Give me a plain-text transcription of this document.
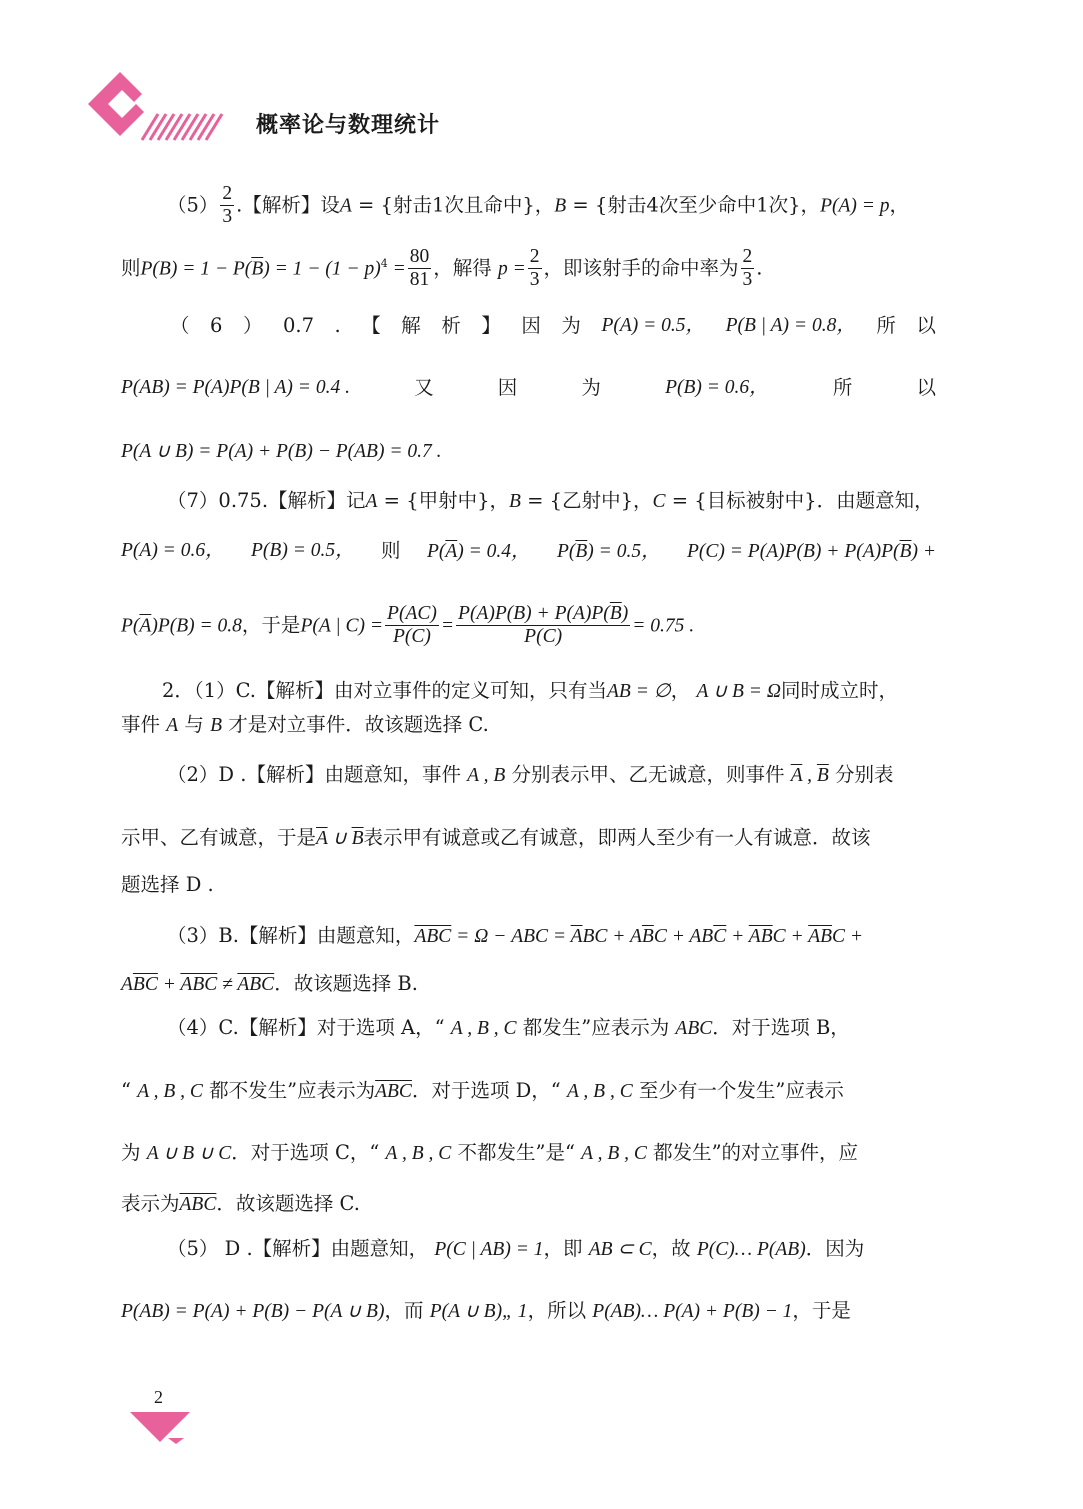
概率论与数理统计
$(5) \frac{2}{3}$ .【解析】设A = {射击1次且命中}，B = {射击4次至少命中1次}，P(A) = p，
则$P(B) = 1 - P(\overline{B}) = 1 - (1 - p)^4 = \frac{80}{81}$ ，解得 $p = \frac{2}{3}$ ，即该射手的命中率为 $\frac{2}{3}$ .
（ 6 ） 0.7 . 【 解 析 】 因 为 P(A) = 0.5， P(B | A) = 0.8， 所 以
P(AB) = P(A)P(B | A) = 0.4 .	又	因	为	P(B) = 0.6，	所	以
P(A ∪ B) = P(A) + P(B) − P(AB) = 0.7 .
（7）0.75.【解析】记A = {甲射中}，B = {乙射中}，C = {目标被射中}．由题意知，
P(A) = 0.6， P(B) = 0.5， 则 $P(\overline{A}) = 0.4$， $P(\overline{B}) = 0.5$， $P(C) = P(A)P(B) + P(A)P(\overline{B})$ +
$P(\overline{A})P(B) = 0.8$，于是P(A | $C) = \frac{P(AC)}{P(C)} = \frac{P(A)P(B) + P(A)P(\overline{B})}{P(C)} = 0.75$ .
2．（1）C.【解析】由对立事件的定义可知，只有当AB = ∅， A ∪ B = Ω同时成立时，
事件 A 与 B 才是对立事件．故该题选择 C.
（2）D .【解析】由题意知，事件 A , B 分别表示甲、乙无诚意，则事件 $\overline{A}$ , $\overline{B}$ 分别表
示甲、乙有诚意，于是$\overline{A}$ ∪ $\overline{B}$表示甲有诚意或乙有诚意，即两人至少有一人有诚意．故该
题选择 D .
（3）B.【解析】由题意知，$\overline{ABC} = \Omega$ − ABC = $\overline{A}BC + A\overline{B}C + AB\overline{C} + \overline{AB}C + \overline{A}\overline{B}C$ +
$A\overline{BC} + \overline{ABC} \ne \overline{ABC}$．故该题选择 B.
（4）C.【解析】对于选项 A，“ A , B , C 都发生”应表示为 ABC．对于选项 B，
“ A , B , C 都不发生”应表示为$\overline{ABC}$．对于选项 D，“ A , B , C 至少有一个发生”应表示
为 A ∪ B ∪ C．对于选项 C，“ A , B , C 不都发生”是“ A , B , C 都发生”的对立事件，应
表示为$\overline{ABC}$．故该题选择 C.
（5） D .【解析】由题意知， P(C | AB) = 1，即 AB ⊂ C，故 P(C)… P(AB)．因为
P(AB) = P(A) + P(B) − P(A ∪ B)，而 P(A ∪ B)„ 1，所以 P(AB)… P(A) + P(B) − 1，于是
2
